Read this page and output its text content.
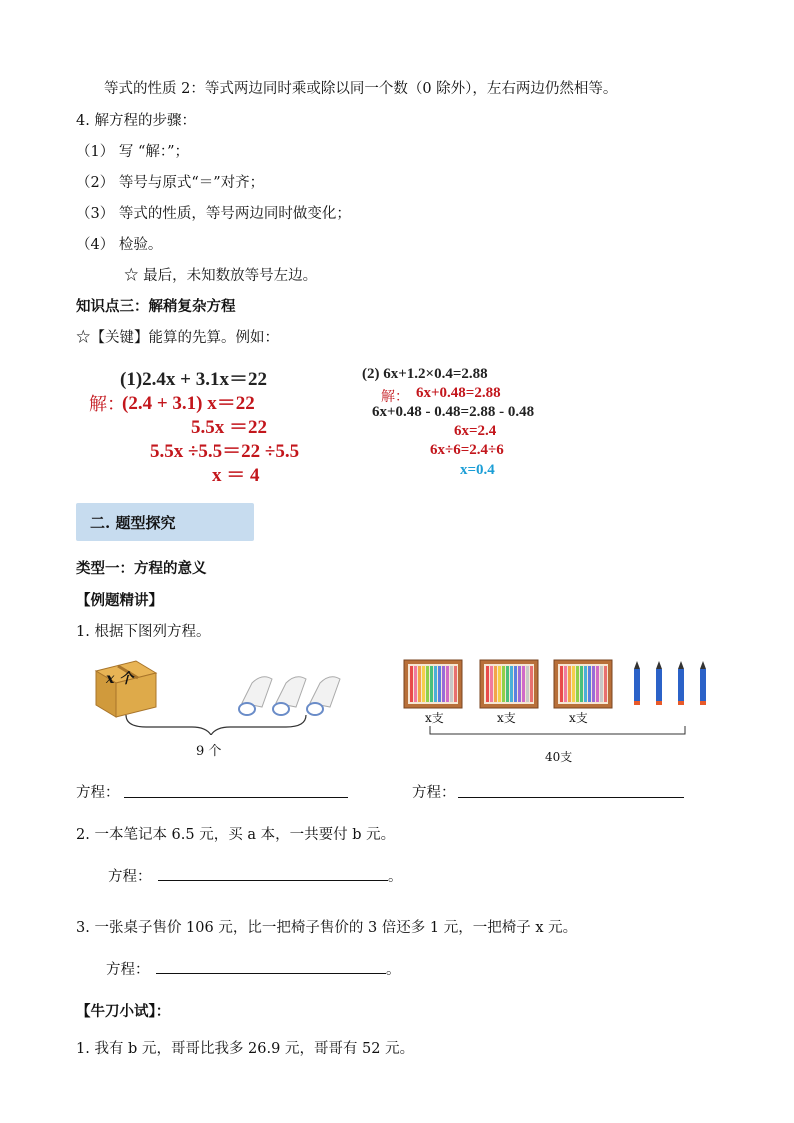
等式的性质 2：等式两边同时乘或除以同一个数（0 除外），左右两边仍然相等。
4. 解方程的步骤：
（1） 写 “解：”；
（2） 等号与原式“＝”对齐；
（3） 等式的性质，等号两边同时做变化；
（4） 检验。
☆ 最后，未知数放等号左边。
知识点三：解稍复杂方程
☆【关键】能算的先算。例如：
(1)2.4x + 3.1x＝22
解：
(2.4 + 3.1) x＝22
5.5x ＝22
5.5x ÷5.5＝22 ÷5.5
x ＝ 4
(2) 6x+1.2×0.4=2.88
解： 6x+0.48=2.88
6x+0.48 - 0.48=2.88 - 0.48
6x=2.4
6x÷6=2.4÷6
x=0.4
二. 题型探究
类型一：方程的意义
【例题精讲】
1. 根据下图列方程。
x 个
9 个
x支	x支	x支
40支
方程：	方程：
2. 一本笔记本 6.5 元，买 a 本，一共要付 b 元。
方程：	。
3. 一张桌子售价 106 元，比一把椅子售价的 3 倍还多 1 元，一把椅子 x 元。
方程：	。
【牛刀小试】：
1. 我有 b 元，哥哥比我多 26.9 元，哥哥有 52 元。
